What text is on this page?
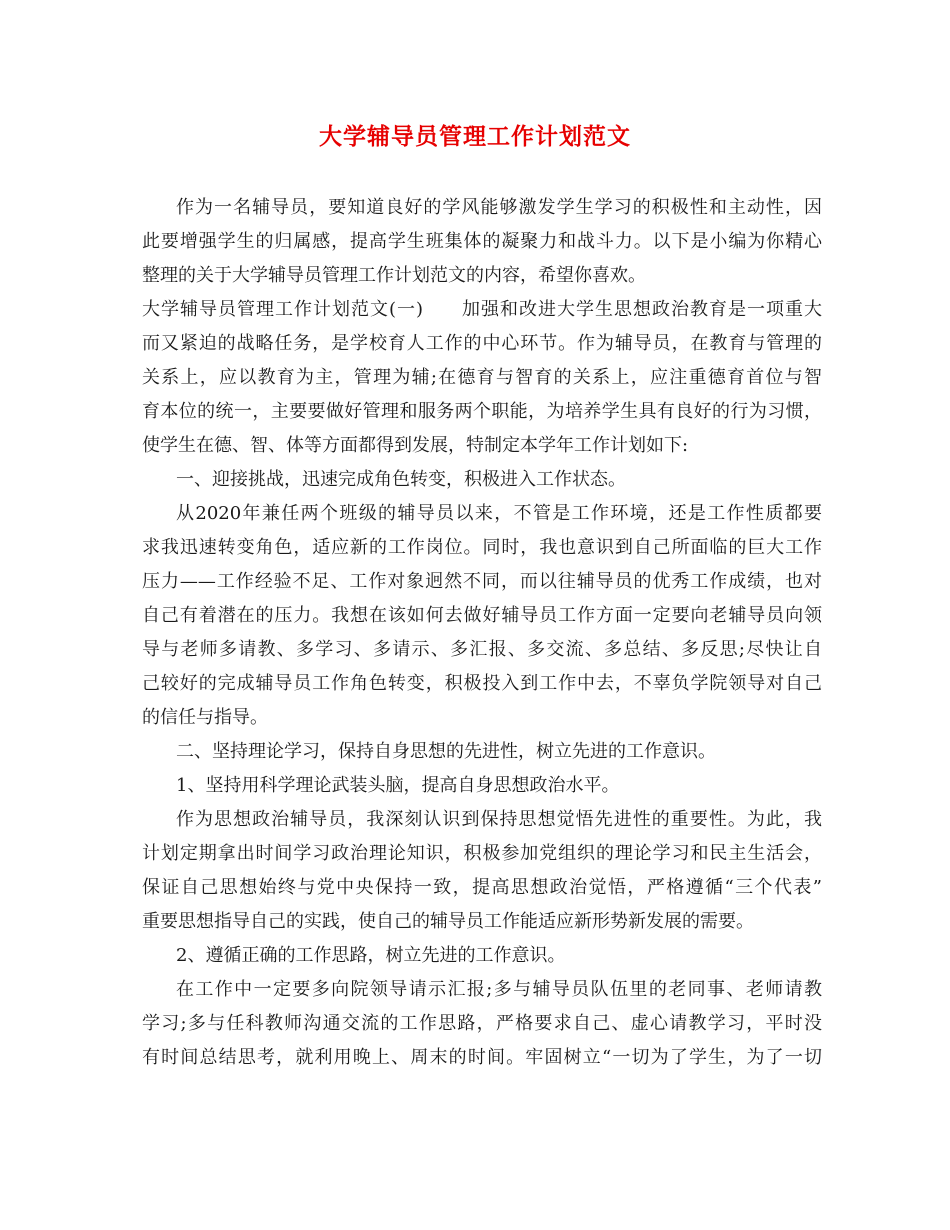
大学辅导员管理工作计划范文
作为一名辅导员，要知道良好的学风能够激发学生学习的积极性和主动性，因
此要增强学生的归属感，提高学生班集体的凝聚力和战斗力。以下是小编为你精心
整理的关于大学辅导员管理工作计划范文的内容，希望你喜欢。
大学辅导员管理工作计划范文(一)　　加强和改进大学生思想政治教育是一项重大
而又紧迫的战略任务，是学校育人工作的中心环节。作为辅导员，在教育与管理的
关系上，应以教育为主，管理为辅;在德育与智育的关系上，应注重德育首位与智
育本位的统一，主要要做好管理和服务两个职能，为培养学生具有良好的行为习惯，
使学生在德、智、体等方面都得到发展，特制定本学年工作计划如下:
一、迎接挑战，迅速完成角色转变，积极进入工作状态。
从2020年兼任两个班级的辅导员以来，不管是工作环境，还是工作性质都要
求我迅速转变角色，适应新的工作岗位。同时，我也意识到自己所面临的巨大工作
压力——工作经验不足、工作对象迥然不同，而以往辅导员的优秀工作成绩，也对
自己有着潜在的压力。我想在该如何去做好辅导员工作方面一定要向老辅导员向领
导与老师多请教、多学习、多请示、多汇报、多交流、多总结、多反思;尽快让自
己较好的完成辅导员工作角色转变，积极投入到工作中去，不辜负学院领导对自己
的信任与指导。
二、坚持理论学习，保持自身思想的先进性，树立先进的工作意识。
1、坚持用科学理论武装头脑，提高自身思想政治水平。
作为思想政治辅导员，我深刻认识到保持思想觉悟先进性的重要性。为此，我
计划定期拿出时间学习政治理论知识，积极参加党组织的理论学习和民主生活会，
保证自己思想始终与党中央保持一致，提高思想政治觉悟，严格遵循“三个代表”
重要思想指导自己的实践，使自己的辅导员工作能适应新形势新发展的需要。
2、遵循正确的工作思路，树立先进的工作意识。
在工作中一定要多向院领导请示汇报;多与辅导员队伍里的老同事、老师请教
学习;多与任科教师沟通交流的工作思路，严格要求自己、虚心请教学习，平时没
有时间总结思考，就利用晚上、周末的时间。牢固树立“一切为了学生，为了一切
